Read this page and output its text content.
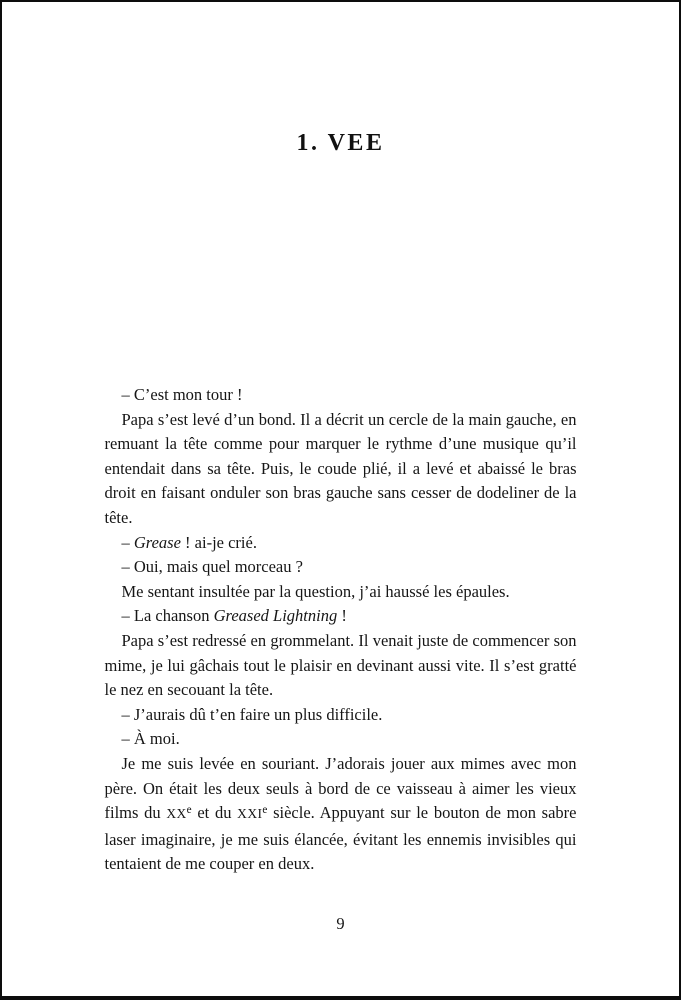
1. VEE

– C’est mon tour !

Papa s’est levé d’un bond. Il a décrit un cercle de la main gauche, en remuant la tête comme pour marquer le rythme d’une musique qu’il entendait dans sa tête. Puis, le coude plié, il a levé et abaissé le bras droit en faisant onduler son bras gauche sans cesser de dodeliner de la tête.

– Grease ! ai-je crié.

– Oui, mais quel morceau ?

Me sentant insultée par la question, j’ai haussé les épaules.

– La chanson Greased Lightning !

Papa s’est redressé en grommelant. Il venait juste de commencer son mime, je lui gâchais tout le plaisir en devinant aussi vite. Il s’est gratté le nez en secouant la tête.

– J’aurais dû t’en faire un plus difficile.

– À moi.

Je me suis levée en souriant. J’adorais jouer aux mimes avec mon père. On était les deux seuls à bord de ce vaisseau à aimer les vieux films du XXe et du XXIe siècle. Appuyant sur le bouton de mon sabre laser imaginaire, je me suis élancée, évitant les ennemis invisibles qui tentaient de me couper en deux.

9
